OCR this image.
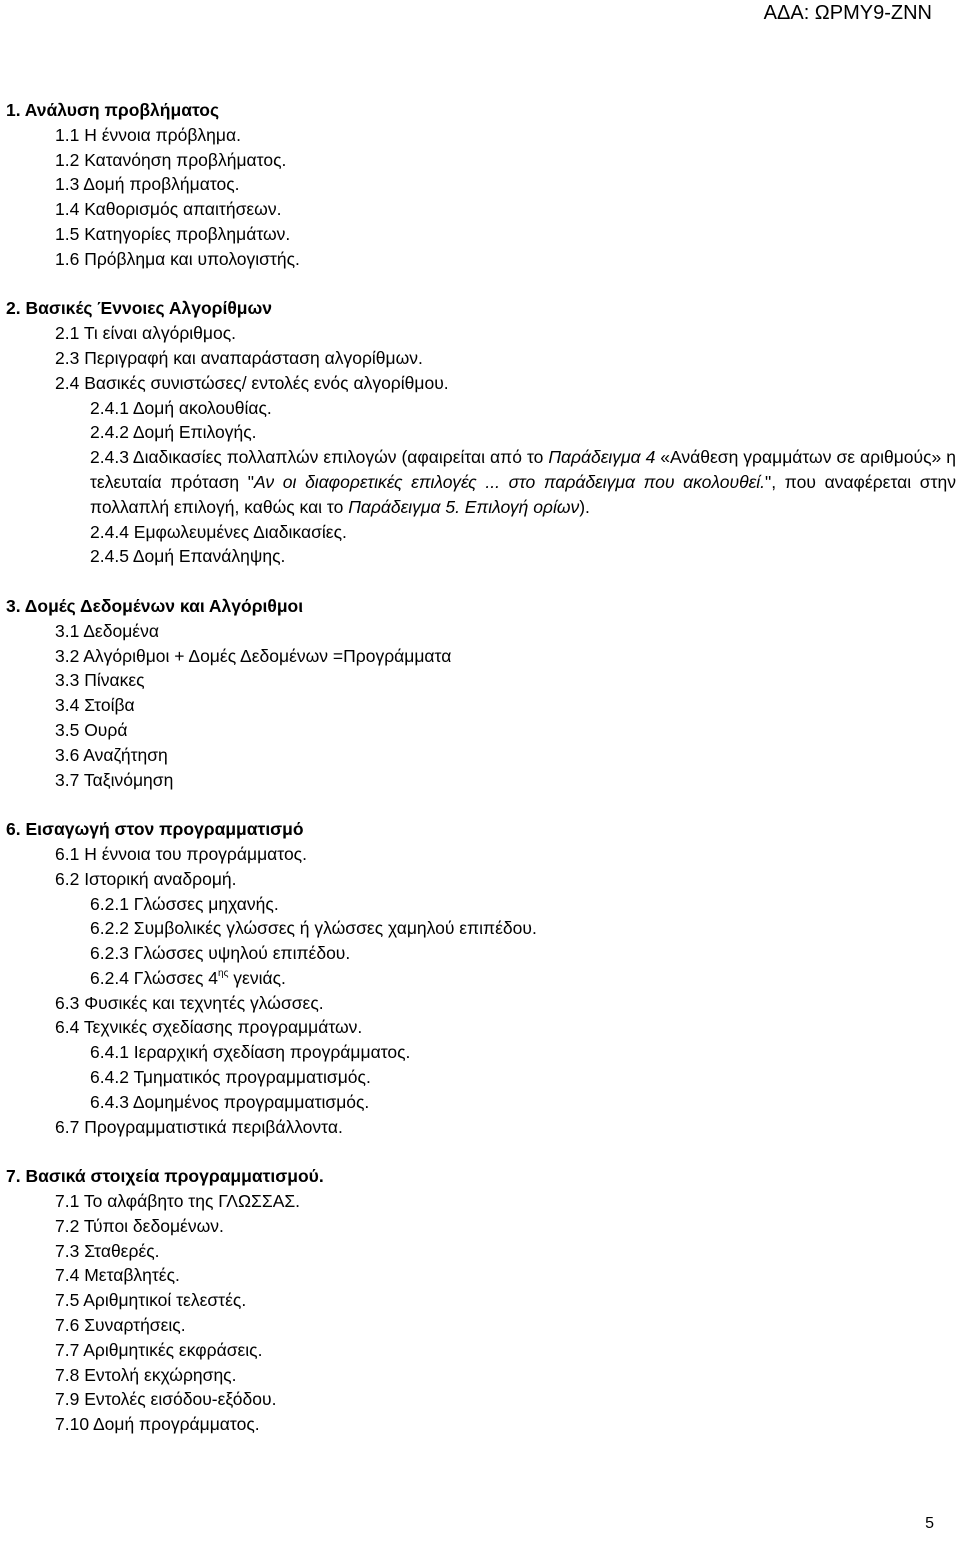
ΑΔΑ: ΩΡΜΥ9-ΖΝΝ
1. Ανάλυση προβλήματος
1.1 Η έννοια πρόβλημα.
1.2 Κατανόηση προβλήματος.
1.3 Δομή προβλήματος.
1.4 Καθορισμός απαιτήσεων.
1.5 Κατηγορίες προβλημάτων.
1.6 Πρόβλημα και υπολογιστής.
2. Βασικές Έννοιες Αλγορίθμων
2.1 Τι είναι αλγόριθμος.
2.3 Περιγραφή και αναπαράσταση αλγορίθμων.
2.4 Βασικές συνιστώσες/ εντολές ενός αλγορίθμου.
2.4.1 Δομή ακολουθίας.
2.4.2 Δομή Επιλογής.
2.4.3 Διαδικασίες πολλαπλών επιλογών (αφαιρείται από το Παράδειγμα 4 «Ανάθεση γραμμάτων σε αριθμούς» η τελευταία πρόταση "Αν οι διαφορετικές επιλογές ... στο παράδειγμα που ακολουθεί.", που αναφέρεται στην πολλαπλή επιλογή, καθώς και το Παράδειγμα 5. Επιλογή ορίων).
2.4.4 Εμφωλευμένες Διαδικασίες.
2.4.5 Δομή Επανάληψης.
3. Δομές Δεδομένων και Αλγόριθμοι
3.1 Δεδομένα
3.2 Αλγόριθμοι + Δομές Δεδομένων =Προγράμματα
3.3 Πίνακες
3.4 Στοίβα
3.5 Ουρά
3.6 Αναζήτηση
3.7 Ταξινόμηση
6. Εισαγωγή στον προγραμματισμό
6.1 Η έννοια του προγράμματος.
6.2 Ιστορική αναδρομή.
6.2.1 Γλώσσες μηχανής.
6.2.2 Συμβολικές γλώσσες ή γλώσσες χαμηλού επιπέδου.
6.2.3 Γλώσσες υψηλού επιπέδου.
6.2.4 Γλώσσες $4^{\eta\varsigma}$ γενιάς.
6.3 Φυσικές και τεχνητές γλώσσες.
6.4 Τεχνικές σχεδίασης προγραμμάτων.
6.4.1 Ιεραρχική σχεδίαση προγράμματος.
6.4.2 Τμηματικός προγραμματισμός.
6.4.3 Δομημένος προγραμματισμός.
6.7 Προγραμματιστικά περιβάλλοντα.
7. Βασικά στοιχεία προγραμματισμού.
7.1 Το αλφάβητο της ΓΛΩΣΣΑΣ.
7.2 Τύποι δεδομένων.
7.3 Σταθερές.
7.4 Μεταβλητές.
7.5 Αριθμητικοί τελεστές.
7.6 Συναρτήσεις.
7.7 Αριθμητικές εκφράσεις.
7.8 Εντολή εκχώρησης.
7.9 Εντολές εισόδου-εξόδου.
7.10 Δομή προγράμματος.
5
